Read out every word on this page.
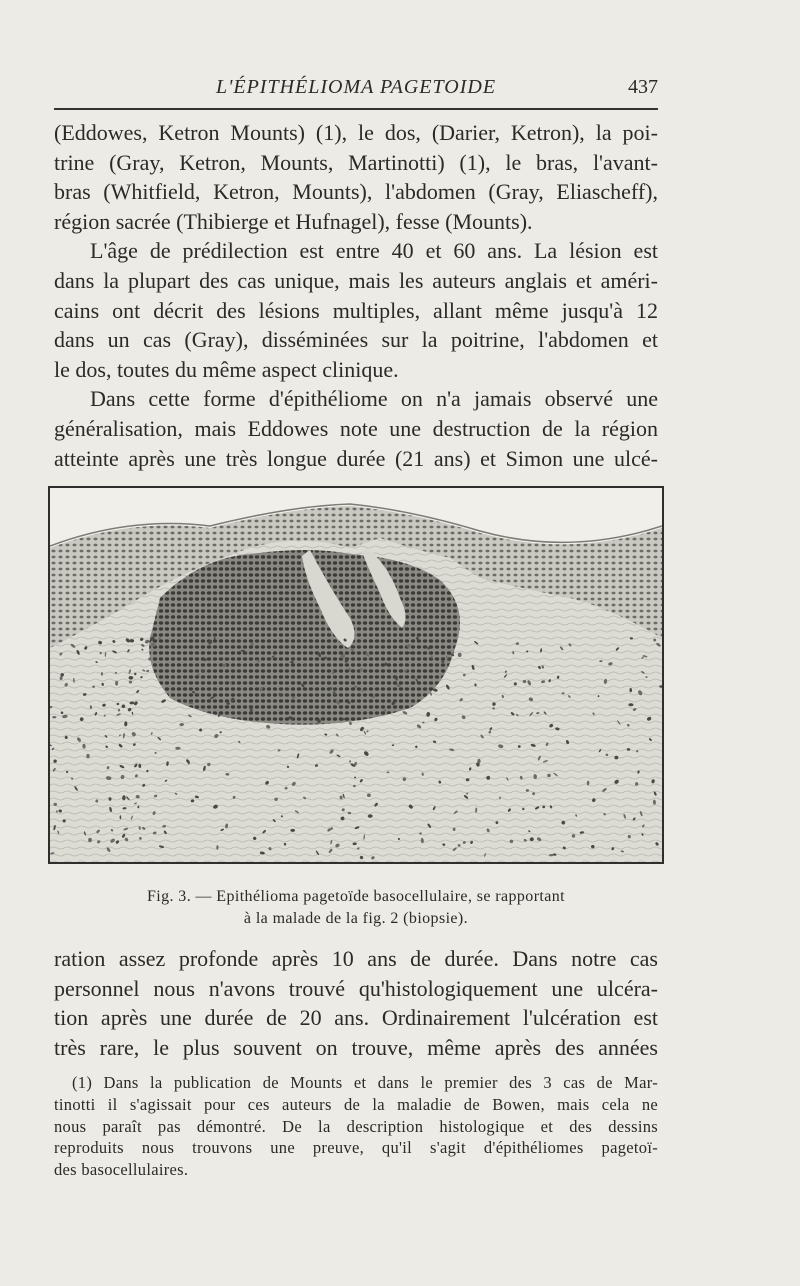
L'ÉPITHÉLIOMA PAGETOIDE	437

(Eddowes, Ketron Mounts) (1), le dos, (Darier, Ketron), la poi-
trine (Gray, Ketron, Mounts, Martinotti) (1), le bras, l'avant-
bras (Whitfield, Ketron, Mounts), l'abdomen (Gray, Eliascheff),
région sacrée (Thibierge et Hufnagel), fesse (Mounts).

L'âge de prédilection est entre 40 et 60 ans. La lésion est
dans la plupart des cas unique, mais les auteurs anglais et améri-
cains ont décrit des lésions multiples, allant même jusqu'à 12
dans un cas (Gray), disséminées sur la poitrine, l'abdomen et
le dos, toutes du même aspect clinique.

Dans cette forme d'épithéliome on n'a jamais observé une
généralisation, mais Eddowes note une destruction de la région
atteinte après une très longue durée (21 ans) et Simon une ulcé-

Fig. 3. — Epithélioma pagetoïde basocellulaire, se rapportant
à la malade de la fig. 2 (biopsie).

ration assez profonde après 10 ans de durée. Dans notre cas
personnel nous n'avons trouvé qu'histologiquement une ulcéra-
tion après une durée de 20 ans. Ordinairement l'ulcération est
très rare, le plus souvent on trouve, même après des années

(1) Dans la publication de Mounts et dans le premier des 3 cas de Mar-
tinotti il s'agissait pour ces auteurs de la maladie de Bowen, mais cela ne
nous paraît pas démontré. De la description histologique et des dessins
reproduits nous trouvons une preuve, qu'il s'agit d'épithéliomes pagetoï-
des basocellulaires.
